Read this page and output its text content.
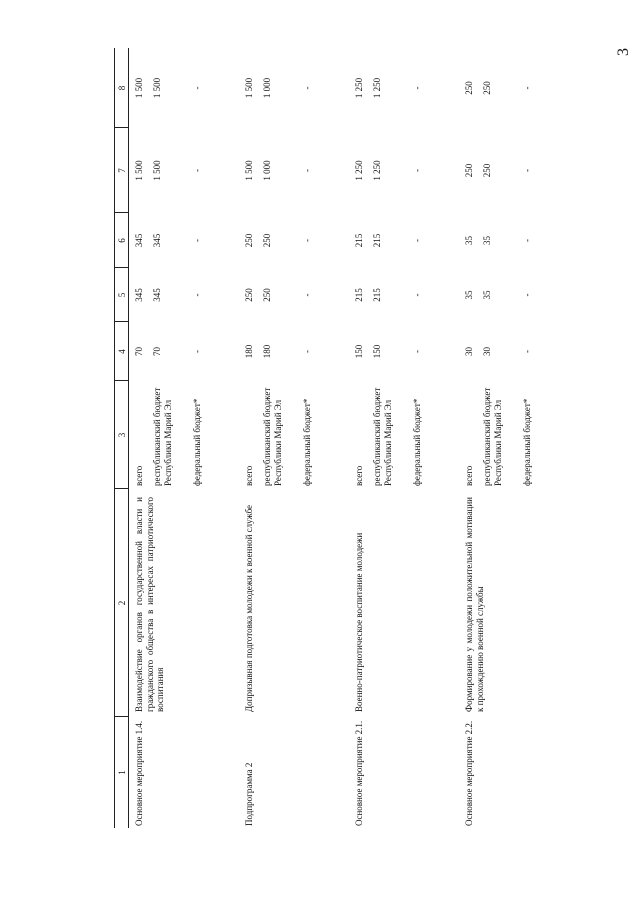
3
1
2
3
4
5
6
7
8
Основное мероприятие 1.4.
Взаимодействие органов государственной власти и гражданского общества в интересах патриотического воспитания
всего республиканский бюджет Республики Марий Эл федеральный бюджет*
70
345
345
1 500
1 500
70
345
345
1 500
1 500
-
-
-
-
-
Подпрограмма 2
Допризывная подготовка молодежи к военной службе
всего республиканский бюджет Республики Марий Эл федеральный бюджет*
180
250
250
1 500
1 500
180
250
250
1 000
1 000
-
-
-
-
-
Основное мероприятие 2.1.
Военно-патриотическое воспитание молодежи
всего республиканский бюджет Республики Марий Эл федеральный бюджет*
150
215
215
1 250
1 250
150
215
215
1 250
1 250
-
-
-
-
-
Основное мероприятие 2.2.
Формирование у молодежи положительной мотивации к прохождению военной службы
всего республиканский бюджет Республики Марий Эл федеральный бюджет*
30
35
35
250
250
30
35
35
250
250
-
-
-
-
-
